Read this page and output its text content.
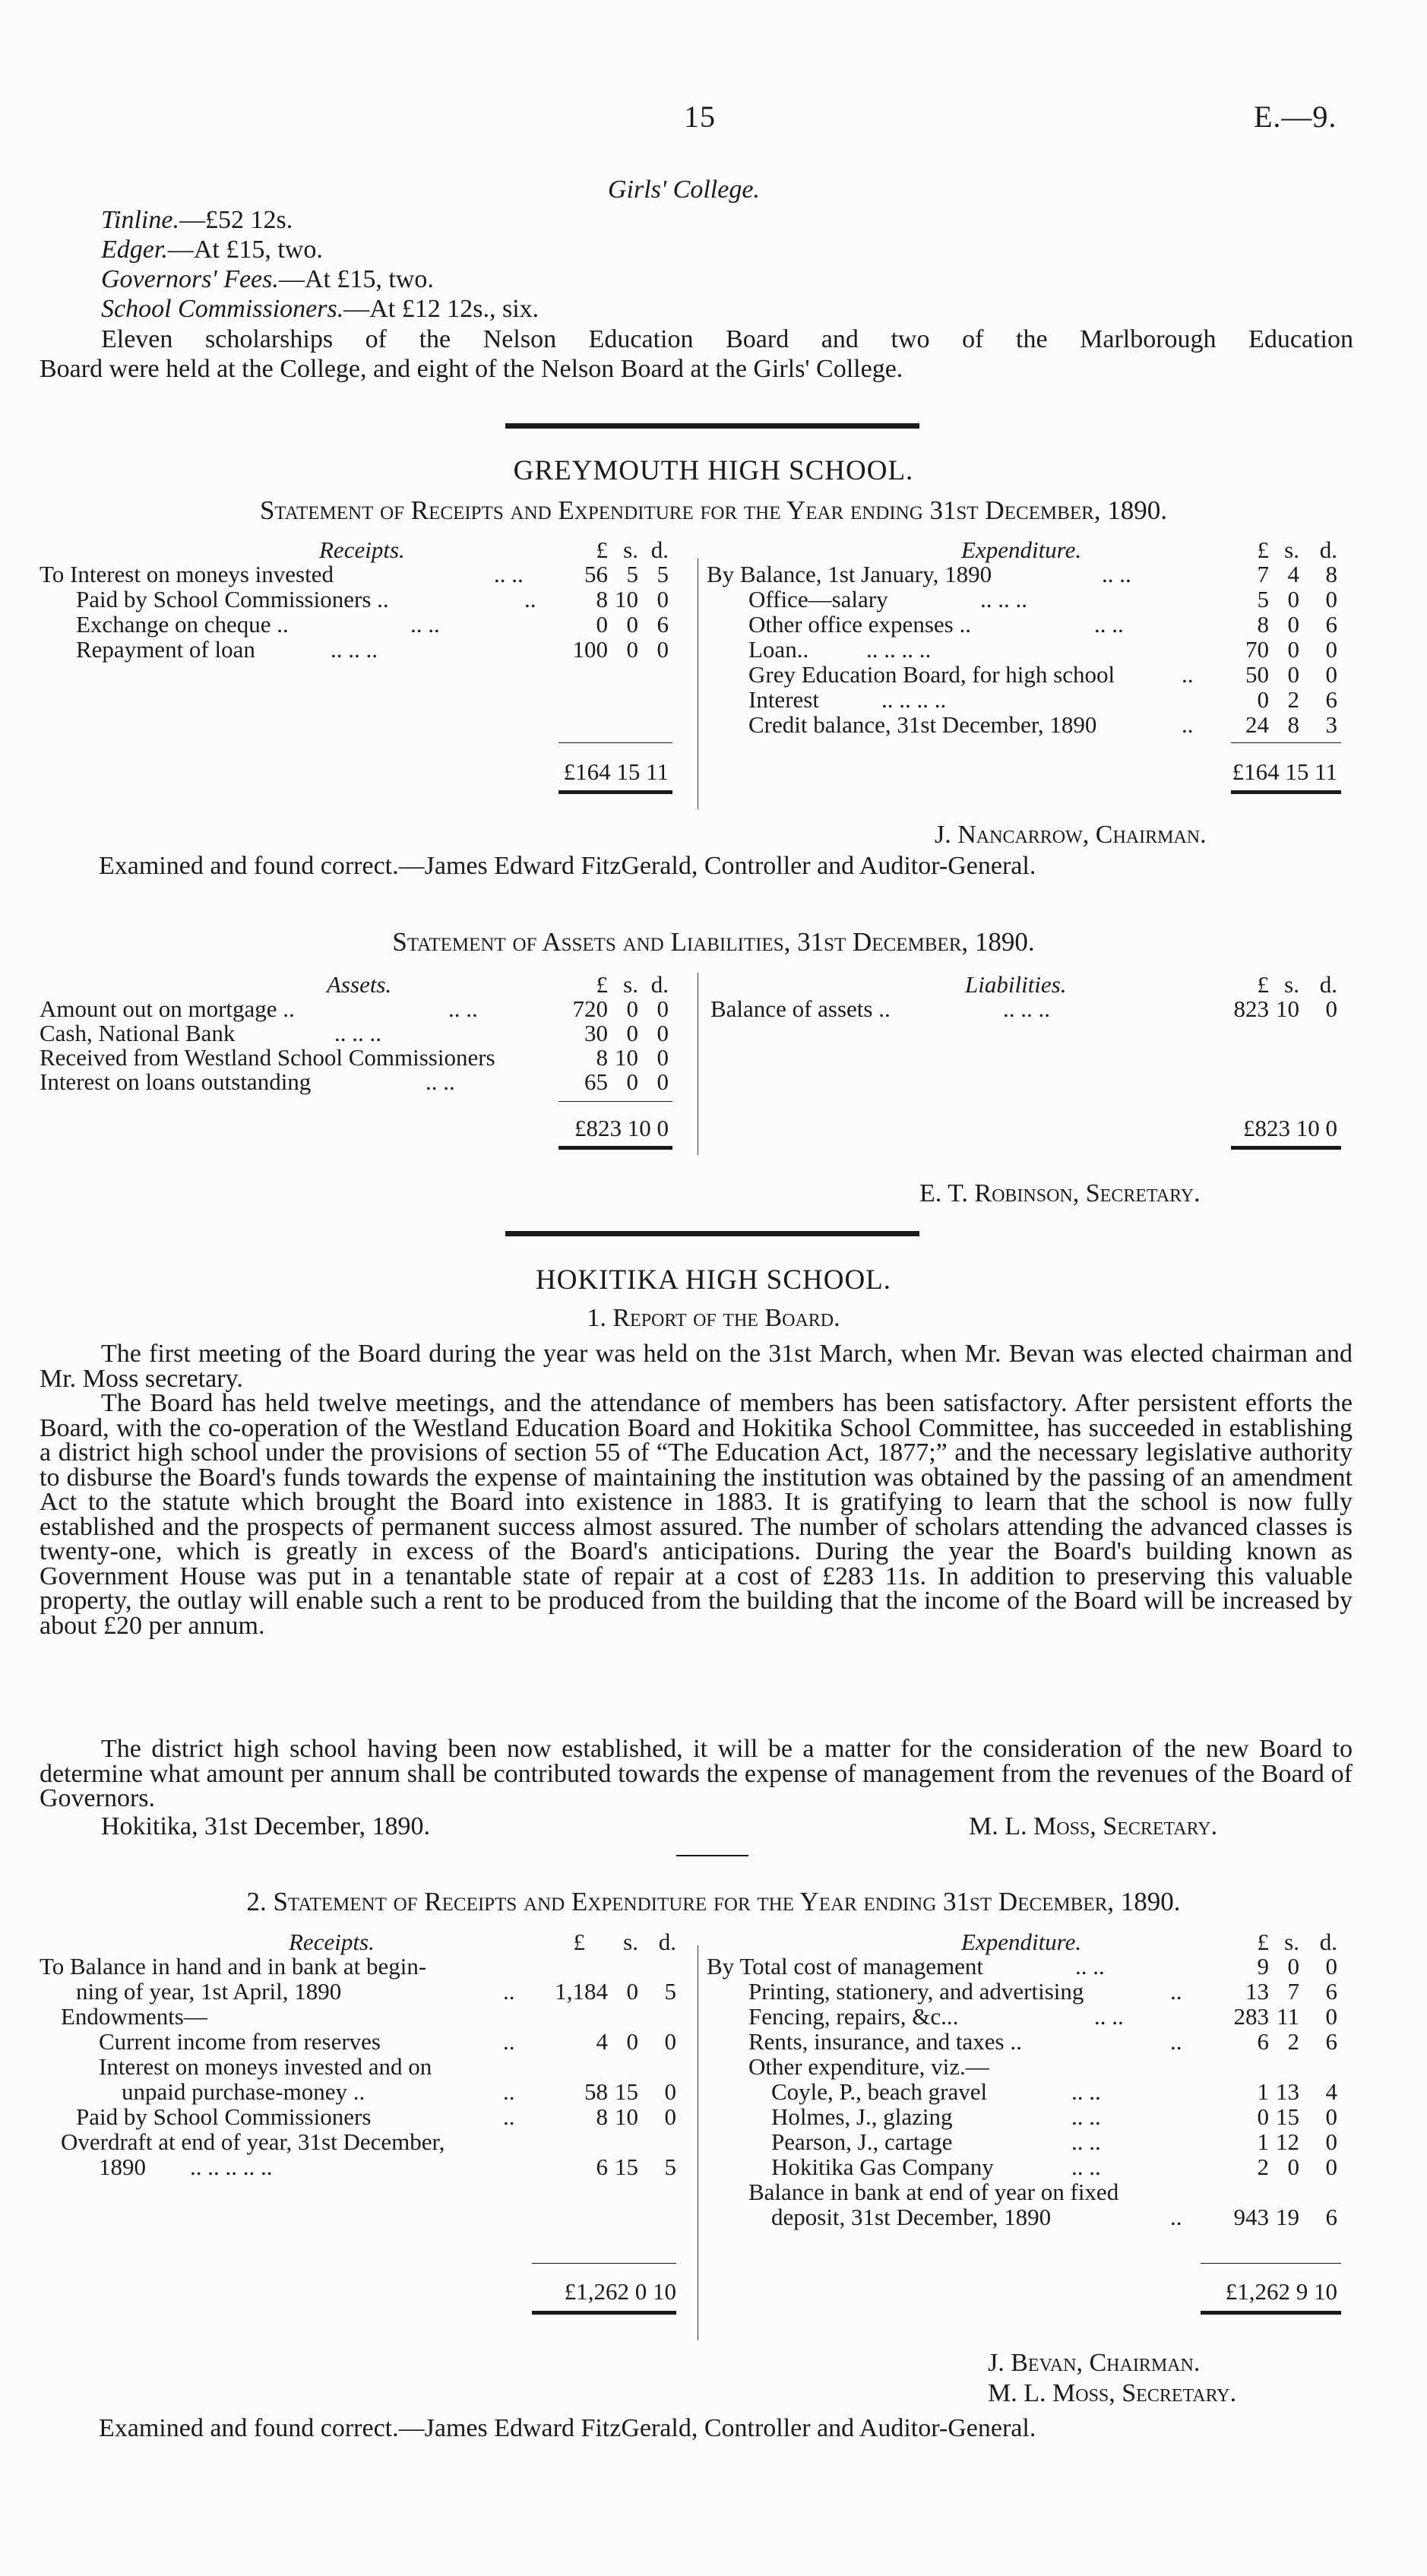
15	E.—9.
Girls' College.
Tinline.—£52 12s.
Edger.—At £15, two.
Governors' Fees.—At £15, two.
School Commissioners.—At £12 12s., six.
Eleven scholarships of the Nelson Education Board and two of the Marlborough Education
Board were held at the College, and eight of the Nelson Board at the Girls' College.
GREYMOUTH HIGH SCHOOL.
Statement of Receipts and Expenditure for the Year ending 31st December, 1890.
Receipts.	£ s. d.	Expenditure.	£ s. d.
To Interest on moneys invested	.. ..	56 5 5
Paid by School Commissioners ..	..	8 10 0
Exchange on cheque ..	.. ..	0 0 6
Repayment of loan	.. .. ..	100 0 0
By Balance, 1st January, 1890	.. ..	7 4	8
Office—salary	.. .. ..	5 0	0
Other office expenses ..	.. ..	8 0	6
Loan.. .. .. .. ..	70 0	0
Grey Education Board, for high school	..	50 0	0
Interest	.. .. .. ..	0 2	6
Credit balance, 31st December, 1890	..	24 8	3
£164 15 11	£164 15 11
J. Nancarrow, Chairman.
Examined and found correct.—James Edward FitzGerald, Controller and Auditor-General.
Statement of Assets and Liabilities, 31st December, 1890.
Assets.	£ s. d.	Liabilities.	£ s. d.
Amount out on mortgage ..	.. ..	720 0 0
Cash, National Bank	.. .. ..	30 0 0
Received from Westland School Commissioners	8 10 0
Interest on loans outstanding	.. ..	65 0 0
Balance of assets ..	.. .. ..	823 10	0
£823 10 0	£823 10 0
E. T. Robinson, Secretary.
HOKITIKA HIGH SCHOOL.
1. Report of the Board.
The first meeting of the Board during the year was held on the 31st March, when Mr. Bevan was elected chairman and Mr. Moss secretary.
The Board has held twelve meetings, and the attendance of members has been satisfactory. After persistent efforts the Board, with the co-operation of the Westland Education Board and Hokitika School Committee, has succeeded in establishing a district high school under the provisions of section 55 of “The Education Act, 1877;” and the necessary legislative authority to disburse the Board's funds towards the expense of maintaining the institution was obtained by the passing of an amendment Act to the statute which brought the Board into existence in 1883. It is gratifying to learn that the school is now fully established and the prospects of permanent success almost assured. The number of scholars attending the advanced classes is twenty-one, which is greatly in excess of the Board's anticipations. During the year the Board's building known as Government House was put in a tenantable state of repair at a cost of £283 11s. In addition to preserving this valuable property, the outlay will enable such a rent to be produced from the building that the income of the Board will be increased by about £20 per annum.
The district high school having been now established, it will be a matter for the consideration of the new Board to determine what amount per annum shall be contributed towards the expense of management from the revenues of the Board of Governors.
Hokitika, 31st December, 1890.	M. L. Moss, Secretary.
2. Statement of Receipts and Expenditure for the Year ending 31st December, 1890.
Receipts.	£	s. d.	Expenditure.	£ s. d.
To Balance in hand and in bank at begin-
ning of year, 1st April, 1890	..	1,184 0	5
Endowments—
Current income from reserves	..	4 0	0
Interest on moneys invested and on
unpaid purchase-money ..	..	58 15	0
Paid by School Commissioners	..	8 10	0
Overdraft at end of year, 31st December,
1890 .. .. .. .. ..	6 15	5
By Total cost of management	.. ..	9 0	0
Printing, stationery, and advertising	..	13 7	6
Fencing, repairs, &c...	.. ..	283 11	0
Rents, insurance, and taxes ..	..	6 2	6
Other expenditure, viz.—
Coyle, P., beach gravel	.. ..	1 13	4
Holmes, J., glazing	.. ..	0 15	0
Pearson, J., cartage	.. ..	1 12	0
Hokitika Gas Company	.. ..	2 0	0
Balance in bank at end of year on fixed
deposit, 31st December, 1890	..	943 19	6
£1,262 0 10	£1,262 9 10
J. Bevan, Chairman.
M. L. Moss, Secretary.
Examined and found correct.—James Edward FitzGerald, Controller and Auditor-General.
